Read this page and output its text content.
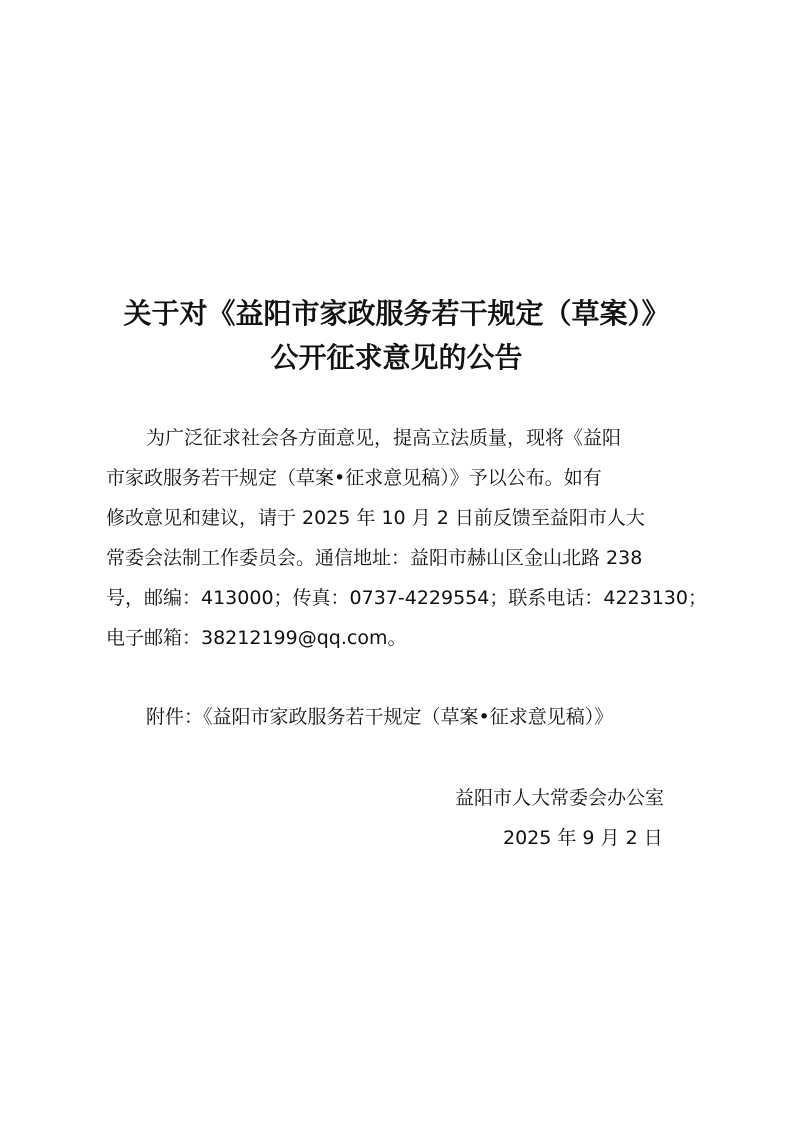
关于对《益阳市家政服务若干规定（草案）》
公开征求意见的公告
为广泛征求社会各方面意见，提高立法质量，现将《益阳
市家政服务若干规定（草案•征求意见稿）》予以公布。如有
修改意见和建议，请于 2025 年 10 月 2 日前反馈至益阳市人大
常委会法制工作委员会。通信地址：益阳市赫山区金山北路 238
号，邮编：413000；传真：0737-4229554；联系电话：4223130；
电子邮箱：38212199@qq.com。
附件：《益阳市家政服务若干规定（草案•征求意见稿）》
益阳市人大常委会办公室
2025 年 9 月 2 日
